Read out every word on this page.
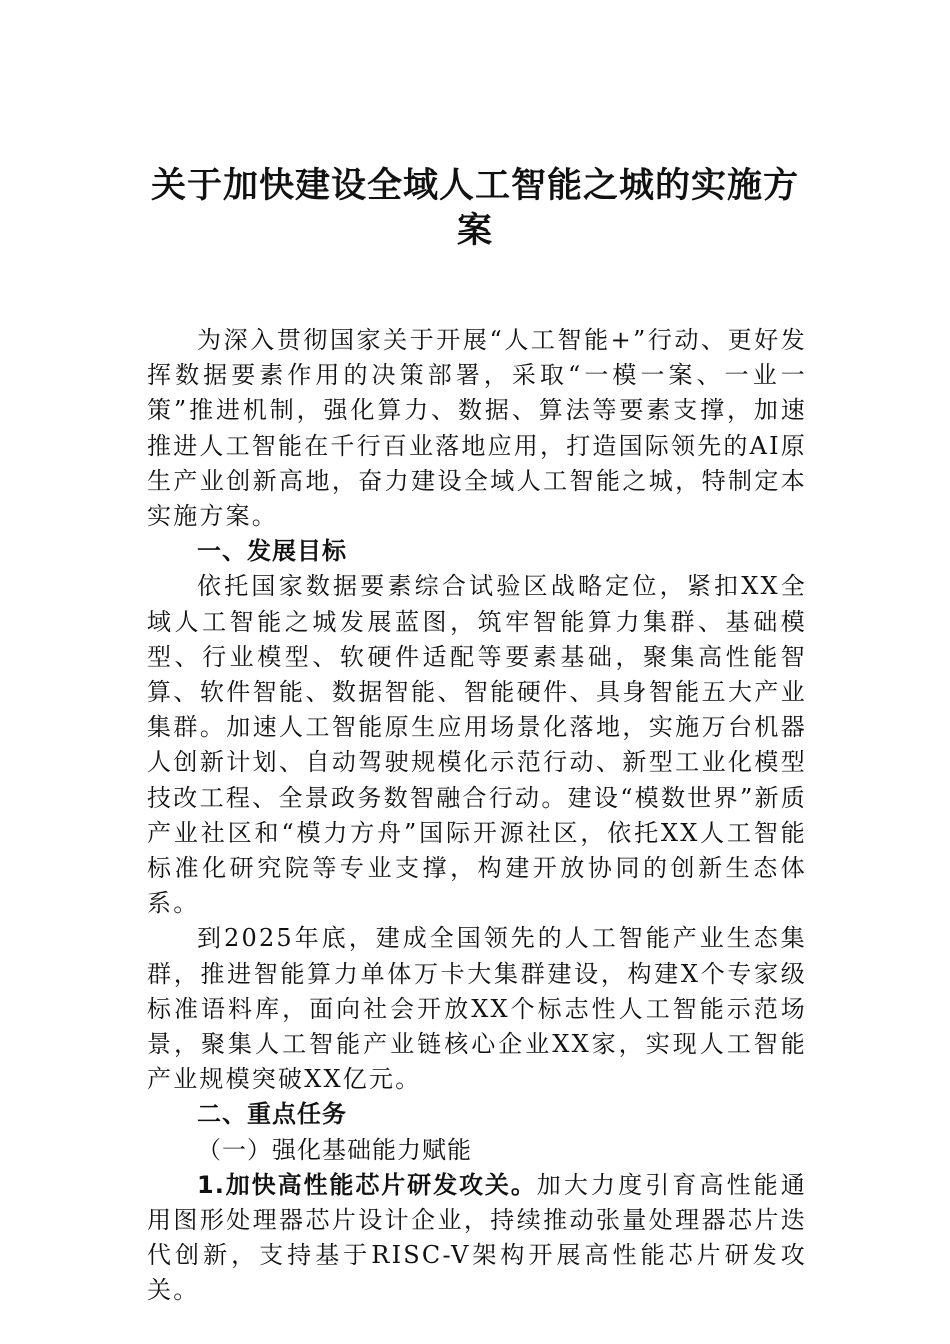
关于加快建设全域人工智能之城的实施方
案

为深入贯彻国家关于开展“人工智能+”行动、更好发挥数据要素作用的决策部署，采取“一模一案、一业一策”推进机制，强化算力、数据、算法等要素支撑，加速推进人工智能在千行百业落地应用，打造国际领先的AI原生产业创新高地，奋力建设全域人工智能之城，特制定本实施方案。

一、发展目标

依托国家数据要素综合试验区战略定位，紧扣XX全域人工智能之城发展蓝图，筑牢智能算力集群、基础模型、行业模型、软硬件适配等要素基础，聚集高性能智算、软件智能、数据智能、智能硬件、具身智能五大产业集群。加速人工智能原生应用场景化落地，实施万台机器人创新计划、自动驾驶规模化示范行动、新型工业化模型技改工程、全景政务数智融合行动。建设“模数世界”新质产业社区和“模力方舟”国际开源社区，依托XX人工智能标准化研究院等专业支撑，构建开放协同的创新生态体系。

到2025年底，建成全国领先的人工智能产业生态集群，推进智能算力单体万卡大集群建设，构建X个专家级标准语料库，面向社会开放XX个标志性人工智能示范场景，聚集人工智能产业链核心企业XX家，实现人工智能产业规模突破XX亿元。

二、重点任务

（一）强化基础能力赋能

1.加快高性能芯片研发攻关。加大力度引育高性能通用图形处理器芯片设计企业，持续推动张量处理器芯片迭代创新，支持基于RISC-V架构开展高性能芯片研发攻关。
